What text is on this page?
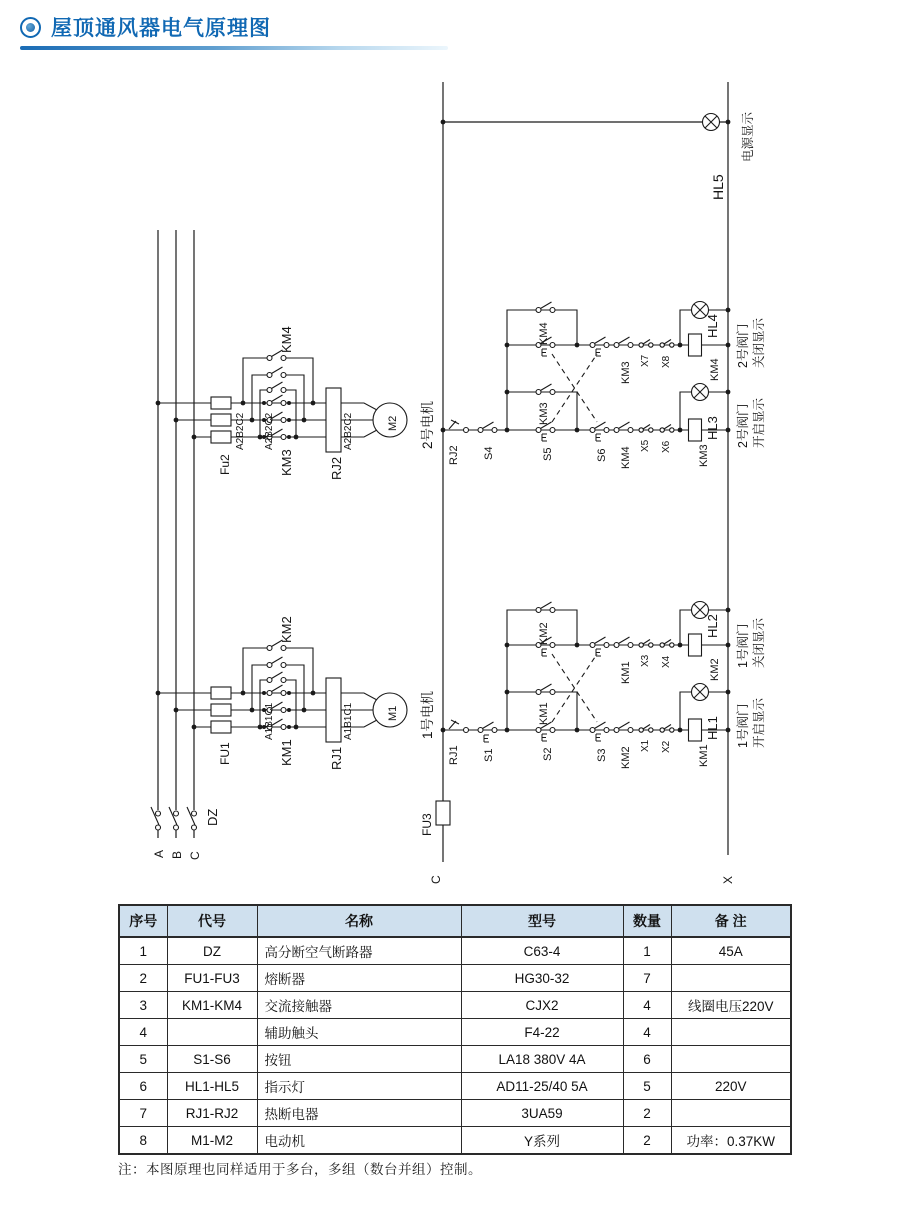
屋顶通风器电气原理图
FU3
C	X
HL5
电源显示
A B C
DZ
Fu2
KM4
KM3	RJ2
A2B2C2 A2B2C2	A2B2C2	M2 2号电机
FU1
KM2
KM1	RJ1
A1B1C1	A1B1C1	M1 1号电机
RJ2 S4
KM4
KM3
S5	S6 KM4
X5 X6 KM3
HL3
KM3
X7 X8	KM4
HL4 2号阀门 关闭显示
2号阀门 开启显示
RJ1 S1
KM2
KM1
S2	S3 KM2
X1 X2 KM1
HL1
KM1
X3 X4	KM2
HL2 1号阀门 关闭显示
1号阀门 开启显示
序号	代号	名称	型号	数量	备 注
1	DZ	高分断空气断路器	C63-4	1	45A
2	FU1-FU3	熔断器	HG30-32	7	
3	KM1-KM4	交流接触器	CJX2	4	线圈电压220V
4		辅助触头	F4-22	4	
5	S1-S6	按钮	LA18 380V 4A	6	
6	HL1-HL5	指示灯	AD11-25/40 5A	5	220V
7	RJ1-RJ2	热断电器	3UA59	2	
8	M1-M2	电动机	Y系列	2	功率：0.37KW
注：本图原理也同样适用于多台，多组（数台并组）控制。
